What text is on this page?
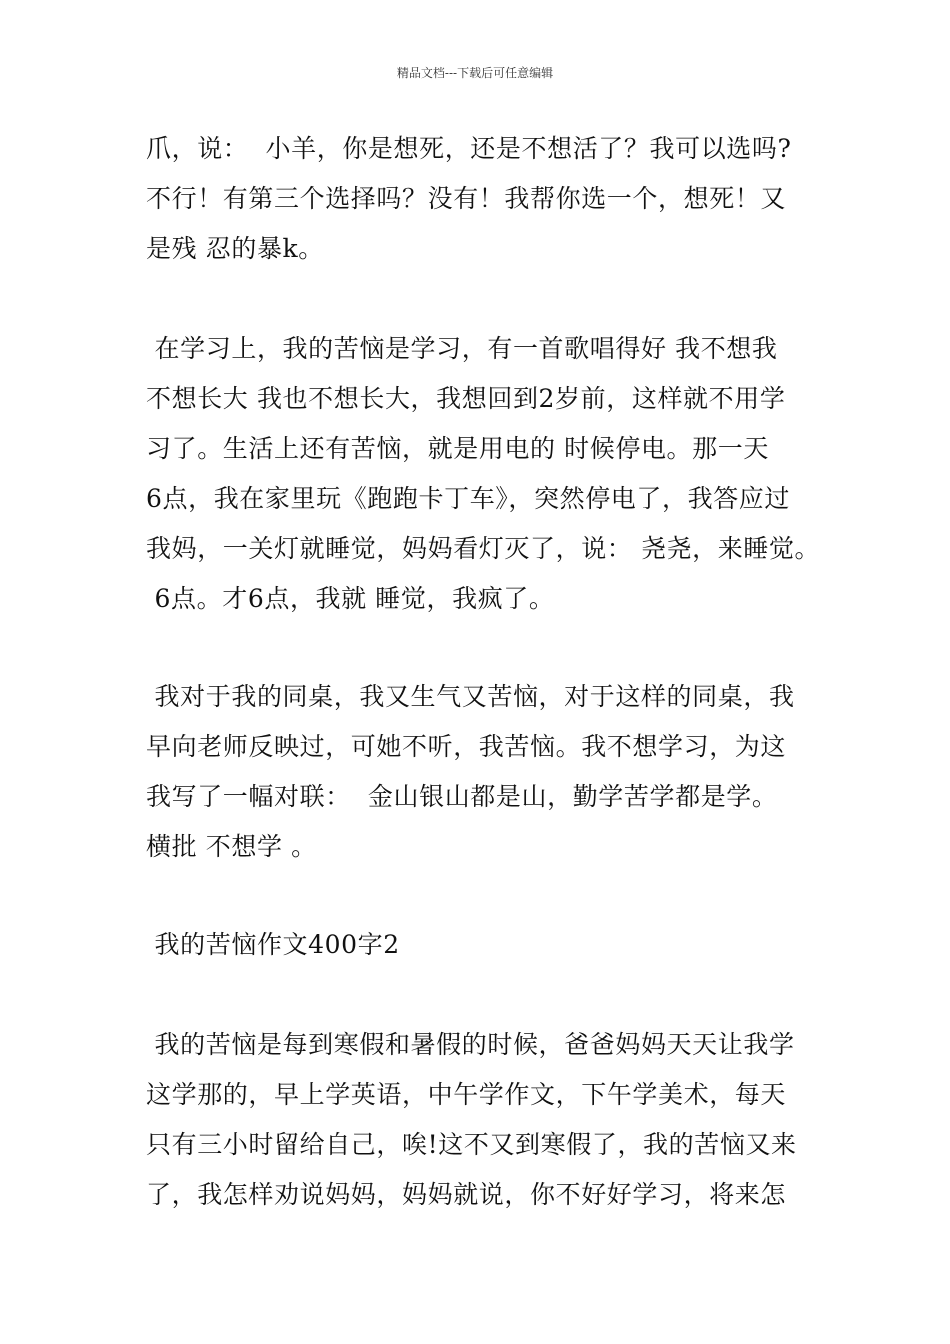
精品文档---下载后可任意编辑
爪，说：  小羊，你是想死，还是不想活了？我可以选吗?
不行！有第三个选择吗？没有！我帮你选一个，想死！又
是残 忍的暴k。
在学习上，我的苦恼是学习，有一首歌唱得好 我不想我
不想长大 我也不想长大，我想回到2岁前，这样就不用学
习了。生活上还有苦恼，就是用电的 时候停电。那一天
6点，我在家里玩《跑跑卡丁车》，突然停电了，我答应过
我妈，一关灯就睡觉，妈妈看灯灭了，说： 尧尧，来睡觉。
6点。才6点，我就 睡觉，我疯了。
我对于我的同桌，我又生气又苦恼，对于这样的同桌，我
早向老师反映过，可她不听，我苦恼。我不想学习，为这
我写了一幅对联：  金山银山都是山，勤学苦学都是学。
横批 不想学 。
我的苦恼作文400字2
我的苦恼是每到寒假和暑假的时候，爸爸妈妈天天让我学
这学那的，早上学英语，中午学作文，下午学美术，每天
只有三小时留给自己，唉!这不又到寒假了，我的苦恼又来
了，我怎样劝说妈妈，妈妈就说，你不好好学习，将来怎
